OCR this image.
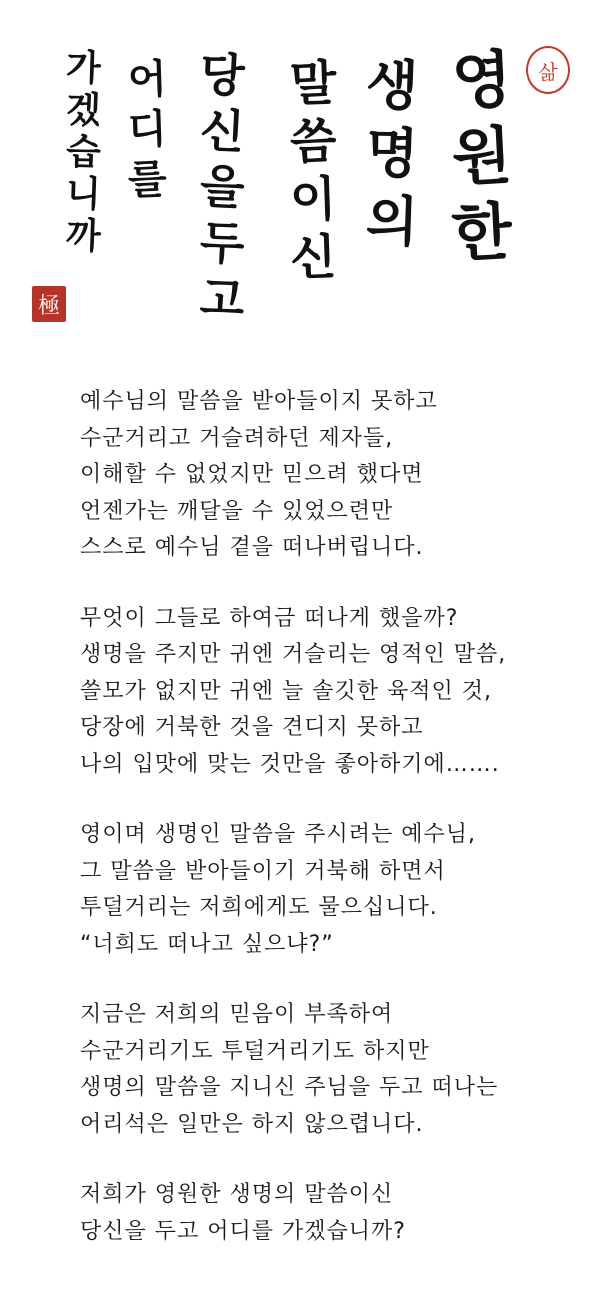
삶
영
원
한
생
명
의
말
씀
이
신
당
신
을
두
고
어
디
를
가
겠
습
니
까
極
예수님의 말씀을 받아들이지 못하고
수군거리고 거슬려하던 제자들,
이해할 수 없었지만 믿으려 했다면
언젠가는 깨달을 수 있었으련만
스스로 예수님 곁을 떠나버립니다.
무엇이 그들로 하여금 떠나게 했을까?
생명을 주지만 귀엔 거슬리는 영적인 말씀,
쓸모가 없지만 귀엔 늘 솔깃한 육적인 것,
당장에 거북한 것을 견디지 못하고
나의 입맛에 맞는 것만을 좋아하기에…….
영이며 생명인 말씀을 주시려는 예수님,
그 말씀을 받아들이기 거북해 하면서
투덜거리는 저희에게도 물으십니다.
“너희도 떠나고 싶으냐?”
지금은 저희의 믿음이 부족하여
수군거리기도 투덜거리기도 하지만
생명의 말씀을 지니신 주님을 두고 떠나는
어리석은 일만은 하지 않으렵니다.
저희가 영원한 생명의 말씀이신
당신을 두고 어디를 가겠습니까?
